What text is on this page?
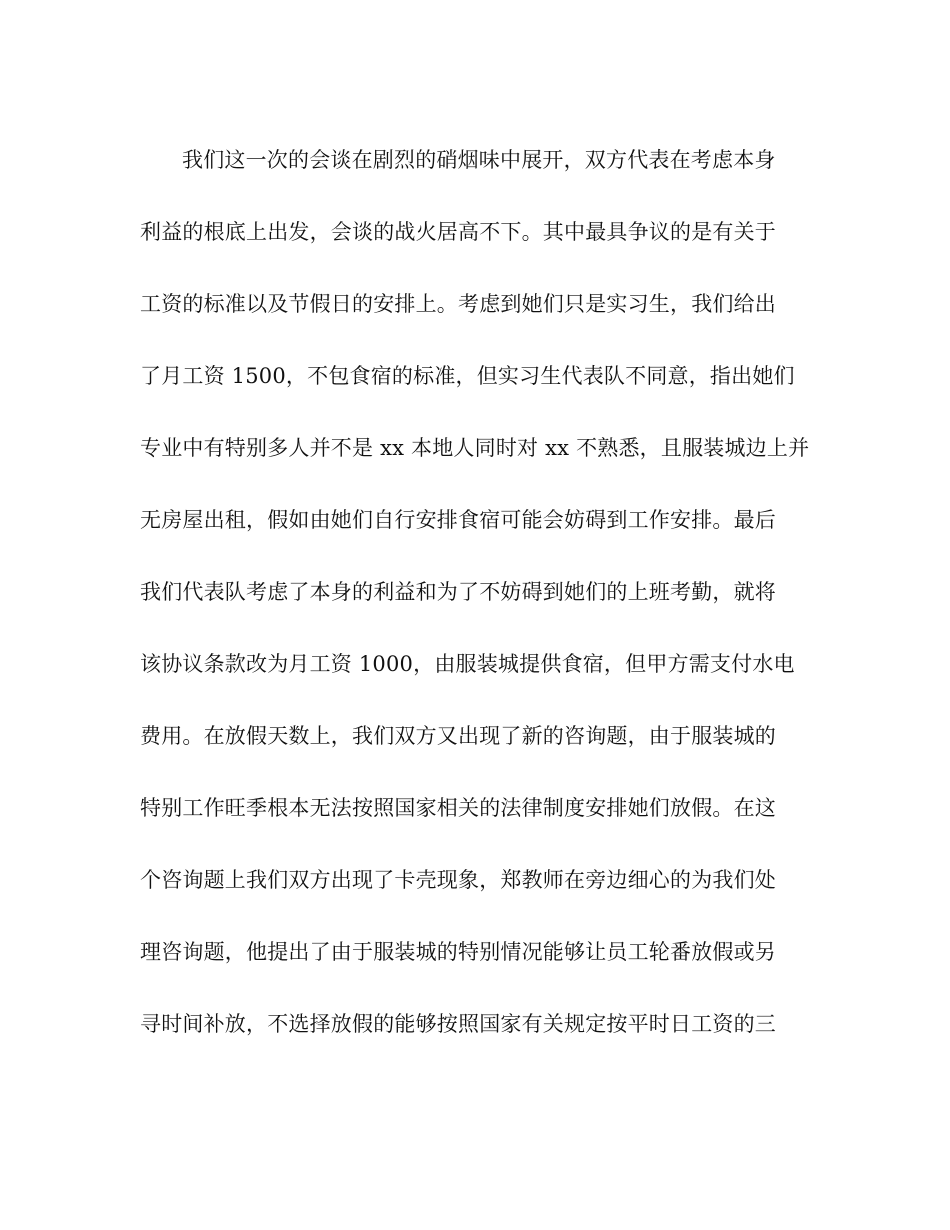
我们这一次的会谈在剧烈的硝烟味中展开，双方代表在考虑本身
利益的根底上出发，会谈的战火居高不下。其中最具争议的是有关于
工资的标准以及节假日的安排上。考虑到她们只是实习生，我们给出
了月工资 1500，不包食宿的标准，但实习生代表队不同意，指出她们
专业中有特别多人并不是 xx 本地人同时对 xx 不熟悉，且服装城边上并
无房屋出租，假如由她们自行安排食宿可能会妨碍到工作安排。最后
我们代表队考虑了本身的利益和为了不妨碍到她们的上班考勤，就将
该协议条款改为月工资 1000，由服装城提供食宿，但甲方需支付水电
费用。在放假天数上，我们双方又出现了新的咨询题，由于服装城的
特别工作旺季根本无法按照国家相关的法律制度安排她们放假。在这
个咨询题上我们双方出现了卡壳现象，郑教师在旁边细心的为我们处
理咨询题，他提出了由于服装城的特别情况能够让员工轮番放假或另
寻时间补放，不选择放假的能够按照国家有关规定按平时日工资的三
